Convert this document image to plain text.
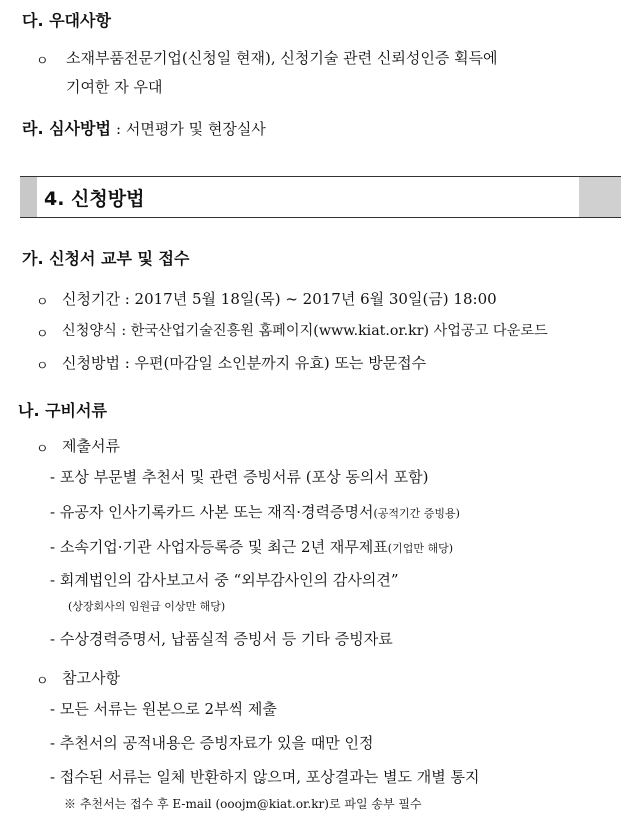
다. 우대사항
ㅇ 소재부품전문기업(신청일 현재), 신청기술 관련 신뢰성인증 획득에
기여한 자 우대
라. 심사방법 : 서면평가 및 현장실사
4. 신청방법
가. 신청서 교부 및 접수
ㅇ 신청기간 : 2017년 5월 18일(목) ~ 2017년 6월 30일(금) 18:00
ㅇ 신청양식 : 한국산업기술진흥원 홈페이지(www.kiat.or.kr) 사업공고 다운로드
ㅇ 신청방법 : 우편(마감일 소인분까지 유효) 또는 방문접수
나. 구비서류
ㅇ 제출서류
- 포상 부문별 추천서 및 관련 증빙서류 (포상 동의서 포함)
- 유공자 인사기록카드 사본 또는 재직·경력증명서(공적기간 증빙용)
- 소속기업·기관 사업자등록증 및 최근 2년 재무제표(기업만 해당)
- 회계법인의 감사보고서 중 “외부감사인의 감사의견”
(상장회사의 임원급 이상만 해당)
- 수상경력증명서, 납품실적 증빙서 등 기타 증빙자료
ㅇ 참고사항
- 모든 서류는 원본으로 2부씩 제출
- 추천서의 공적내용은 증빙자료가 있을 때만 인정
- 접수된 서류는 일체 반환하지 않으며, 포상결과는 별도 개별 통지
※ 추천서는 접수 후 E-mail (ooojm@kiat.or.kr)로 파일 송부 필수
